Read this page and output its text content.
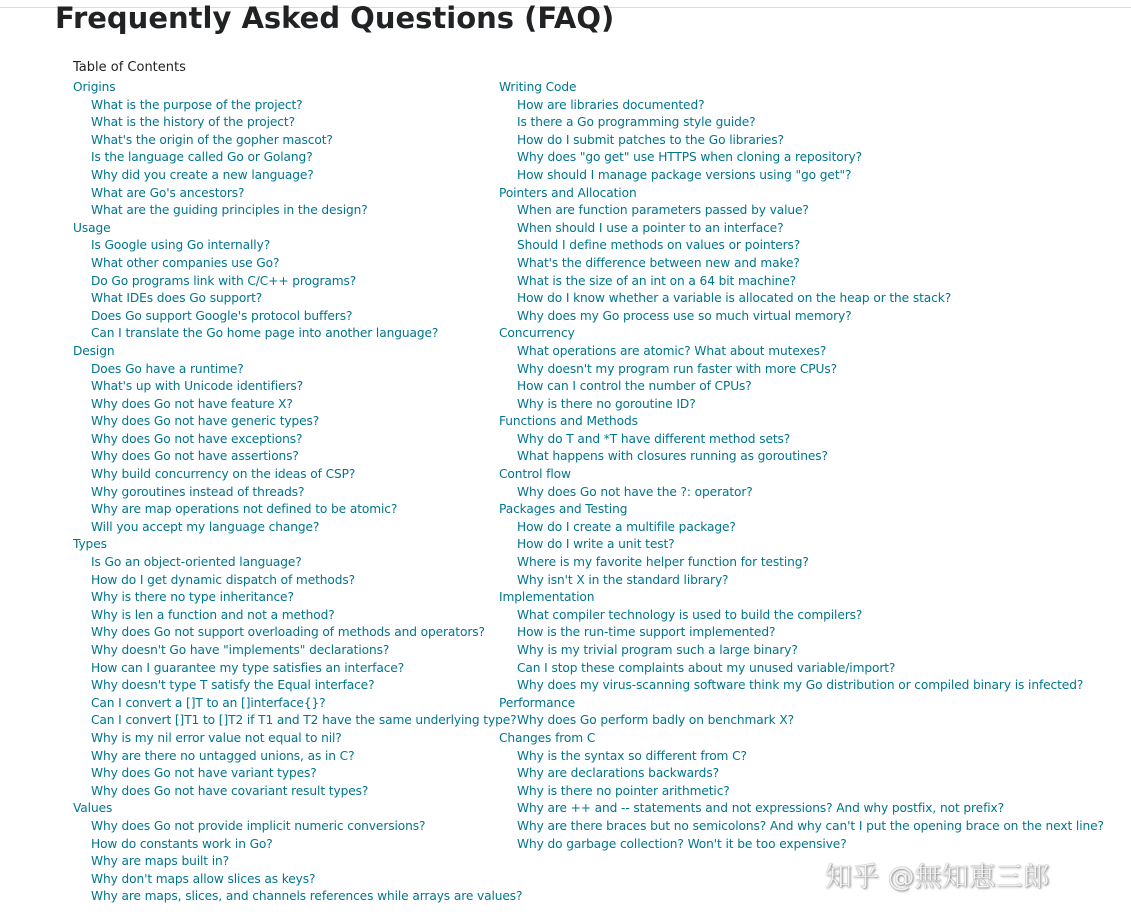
Frequently Asked Questions (FAQ)
Table of Contents
Origins
What is the purpose of the project?
What is the history of the project?
What's the origin of the gopher mascot?
Is the language called Go or Golang?
Why did you create a new language?
What are Go's ancestors?
What are the guiding principles in the design?
Usage
Is Google using Go internally?
What other companies use Go?
Do Go programs link with C/C++ programs?
What IDEs does Go support?
Does Go support Google's protocol buffers?
Can I translate the Go home page into another language?
Design
Does Go have a runtime?
What's up with Unicode identifiers?
Why does Go not have feature X?
Why does Go not have generic types?
Why does Go not have exceptions?
Why does Go not have assertions?
Why build concurrency on the ideas of CSP?
Why goroutines instead of threads?
Why are map operations not defined to be atomic?
Will you accept my language change?
Types
Is Go an object-oriented language?
How do I get dynamic dispatch of methods?
Why is there no type inheritance?
Why is len a function and not a method?
Why does Go not support overloading of methods and operators?
Why doesn't Go have "implements" declarations?
How can I guarantee my type satisfies an interface?
Why doesn't type T satisfy the Equal interface?
Can I convert a []T to an []interface{}?
Can I convert []T1 to []T2 if T1 and T2 have the same underlying type?
Why is my nil error value not equal to nil?
Why are there no untagged unions, as in C?
Why does Go not have variant types?
Why does Go not have covariant result types?
Values
Why does Go not provide implicit numeric conversions?
How do constants work in Go?
Why are maps built in?
Why don't maps allow slices as keys?
Why are maps, slices, and channels references while arrays are values?
Writing Code
How are libraries documented?
Is there a Go programming style guide?
How do I submit patches to the Go libraries?
Why does "go get" use HTTPS when cloning a repository?
How should I manage package versions using "go get"?
Pointers and Allocation
When are function parameters passed by value?
When should I use a pointer to an interface?
Should I define methods on values or pointers?
What's the difference between new and make?
What is the size of an int on a 64 bit machine?
How do I know whether a variable is allocated on the heap or the stack?
Why does my Go process use so much virtual memory?
Concurrency
What operations are atomic? What about mutexes?
Why doesn't my program run faster with more CPUs?
How can I control the number of CPUs?
Why is there no goroutine ID?
Functions and Methods
Why do T and *T have different method sets?
What happens with closures running as goroutines?
Control flow
Why does Go not have the ?: operator?
Packages and Testing
How do I create a multifile package?
How do I write a unit test?
Where is my favorite helper function for testing?
Why isn't X in the standard library?
Implementation
What compiler technology is used to build the compilers?
How is the run-time support implemented?
Why is my trivial program such a large binary?
Can I stop these complaints about my unused variable/import?
Why does my virus-scanning software think my Go distribution or compiled binary is infected?
Performance
Why does Go perform badly on benchmark X?
Changes from C
Why is the syntax so different from C?
Why are declarations backwards?
Why is there no pointer arithmetic?
Why are ++ and -- statements and not expressions? And why postfix, not prefix?
Why are there braces but no semicolons? And why can't I put the opening brace on the next line?
Why do garbage collection? Won't it be too expensive?
知乎 @無知恵三郎
